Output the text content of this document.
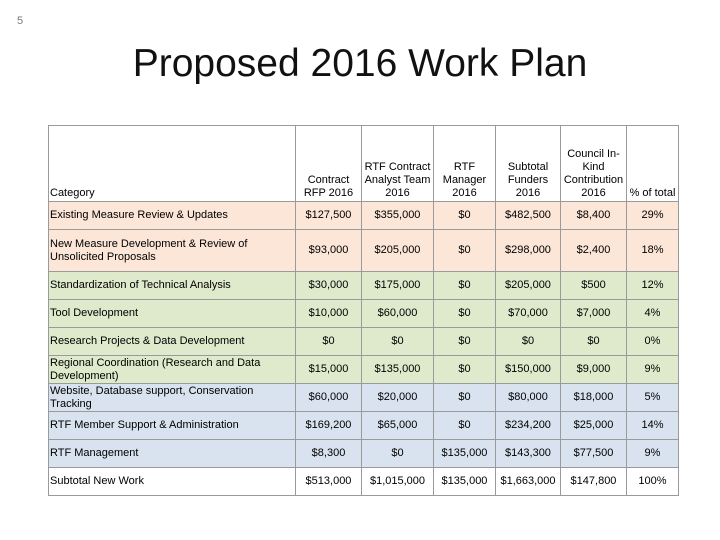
5
Proposed 2016 Work Plan
Category	Contract RFP 2016	RTF Contract Analyst Team 2016	RTF Manager 2016	Subtotal Funders 2016	Council In-Kind Contribution 2016	% of total
Existing Measure Review & Updates	$127,500	$355,000	$0	$482,500	$8,400	29%
New Measure Development & Review of Unsolicited Proposals	$93,000	$205,000	$0	$298,000	$2,400	18%
Standardization of Technical Analysis	$30,000	$175,000	$0	$205,000	$500	12%
Tool Development	$10,000	$60,000	$0	$70,000	$7,000	4%
Research Projects & Data Development	$0	$0	$0	$0	$0	0%
Regional Coordination (Research and Data Development)	$15,000	$135,000	$0	$150,000	$9,000	9%
Website, Database support, Conservation Tracking	$60,000	$20,000	$0	$80,000	$18,000	5%
RTF Member Support & Administration	$169,200	$65,000	$0	$234,200	$25,000	14%
RTF Management	$8,300	$0	$135,000	$143,300	$77,500	9%
Subtotal New Work	$513,000	$1,015,000	$135,000	$1,663,000	$147,800	100%
